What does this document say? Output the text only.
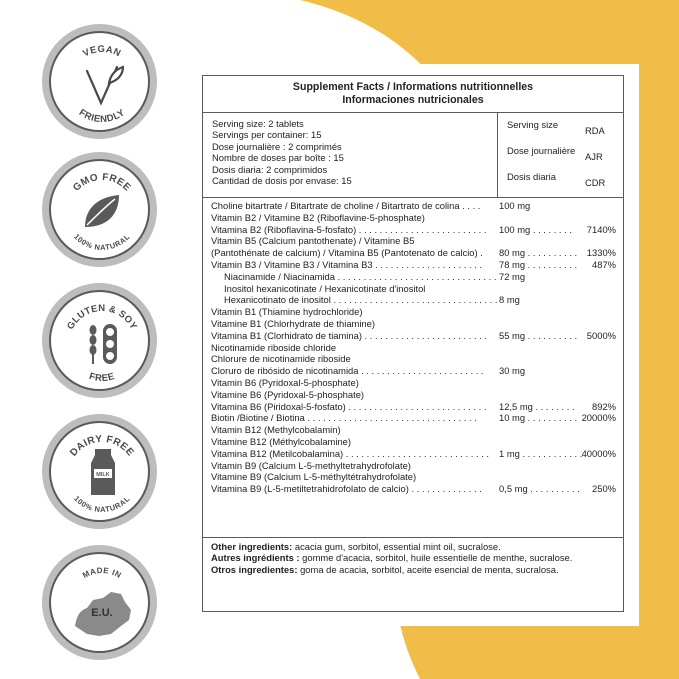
VEGAN
FRIENDLY
GMO FREE
100% NATURAL
GLUTEN & SOY
FREE
DAIRY FREE
100% NATURAL
MILK
MADE IN
E.U.
Supplement Facts / Informations nutritionnelles
Informaciones nutricionales
Serving size: 2 tablets
Servings per container: 15
Dose journalière : 2 comprimés
Nombre de doses par boîte : 15
Dosis diaria: 2 comprimidos
Cantidad de dosis por envase: 15
Serving size
RDA
Dose journalière
AJR
Dosis diaria
CDR
Choline bitartrate / Bitartrate de choline / Bitartrato de colina . . . . 100 mg
Vitamin B2 / Vitamine B2 (Riboflavine-5-phosphate)
Vitamina B2 (Riboflavina-5-fosfato) . . . . . . . . . . . . . . . . . . . . . . . . . 100 mg . . . . . . . . 7140%
Vitamin B5 (Calcium pantothenate) / Vitamine B5
(Pantothénate de calcium) / Vitamina B5 (Pantotenato de calcio) . 80 mg . . . . . . . . . . 1330%
Vitamin B3 / Vitamine B3 / Vitamina B3 . . . . . . . . . . . . . . . . . . . . . 78 mg . . . . . . . . . . 487%
Niacinamide / Niacinamida . . . . . . . . . . . . . . . . . . . . . . . . . . . . . . . 72 mg
Inositol hexanicotinate / Hexanicotinate d'inositol
Hexanicotinato de inositol . . . . . . . . . . . . . . . . . . . . . . . . . . . . . . . . 8 mg
Vitamin B1 (Thiamine hydrochloride)
Vitamine B1 (Chlorhydrate de thiamine)
Vitamina B1 (Clorhidrato de tiamina) . . . . . . . . . . . . . . . . . . . . . . . . 55 mg . . . . . . . . . . 5000%
Nicotinamide riboside chloride
Chlorure de nicotinamide riboside
Cloruro de ribósido de nicotinamida . . . . . . . . . . . . . . . . . . . . . . . . 30 mg
Vitamin B6 (Pyridoxal-5-phosphate)
Vitamine B6 (Pyridoxal-5-phosphate)
Vitamina B6 (Piridoxal-5-fosfato) . . . . . . . . . . . . . . . . . . . . . . . . . . . 12,5 mg . . . . . . . . 892%
Biotin /Biotine / Biotina . . . . . . . . . . . . . . . . . . . . . . . . . . . . . . . . . 10 mg . . . . . . . . . . 20000%
Vitamin B12 (Methylcobalamin)
Vitamine B12 (Méthylcobalamine)
Vitamina B12 (Metilcobalamina) . . . . . . . . . . . . . . . . . . . . . . . . . . . . 1 mg . . . . . . . . . . . . 40000%
Vitamin B9 (Calcium L-5-methyltetrahydrofolate)
Vitamine B9 (Calcium L-5-méthyltétrahydrofolate)
Vitamina B9 (L-5-metiltetrahidrofolato de calcio) . . . . . . . . . . . . . . 0,5 mg . . . . . . . . . . 250%
Other ingredients: acacia gum, sorbitol, essential mint oil, sucralose.
Autres ingrédients : gomme d'acacia, sorbitol, huile essentielle de menthe, sucralose.
Otros ingredientes: goma de acacia, sorbitol, aceite esencial de menta, sucralosa.
